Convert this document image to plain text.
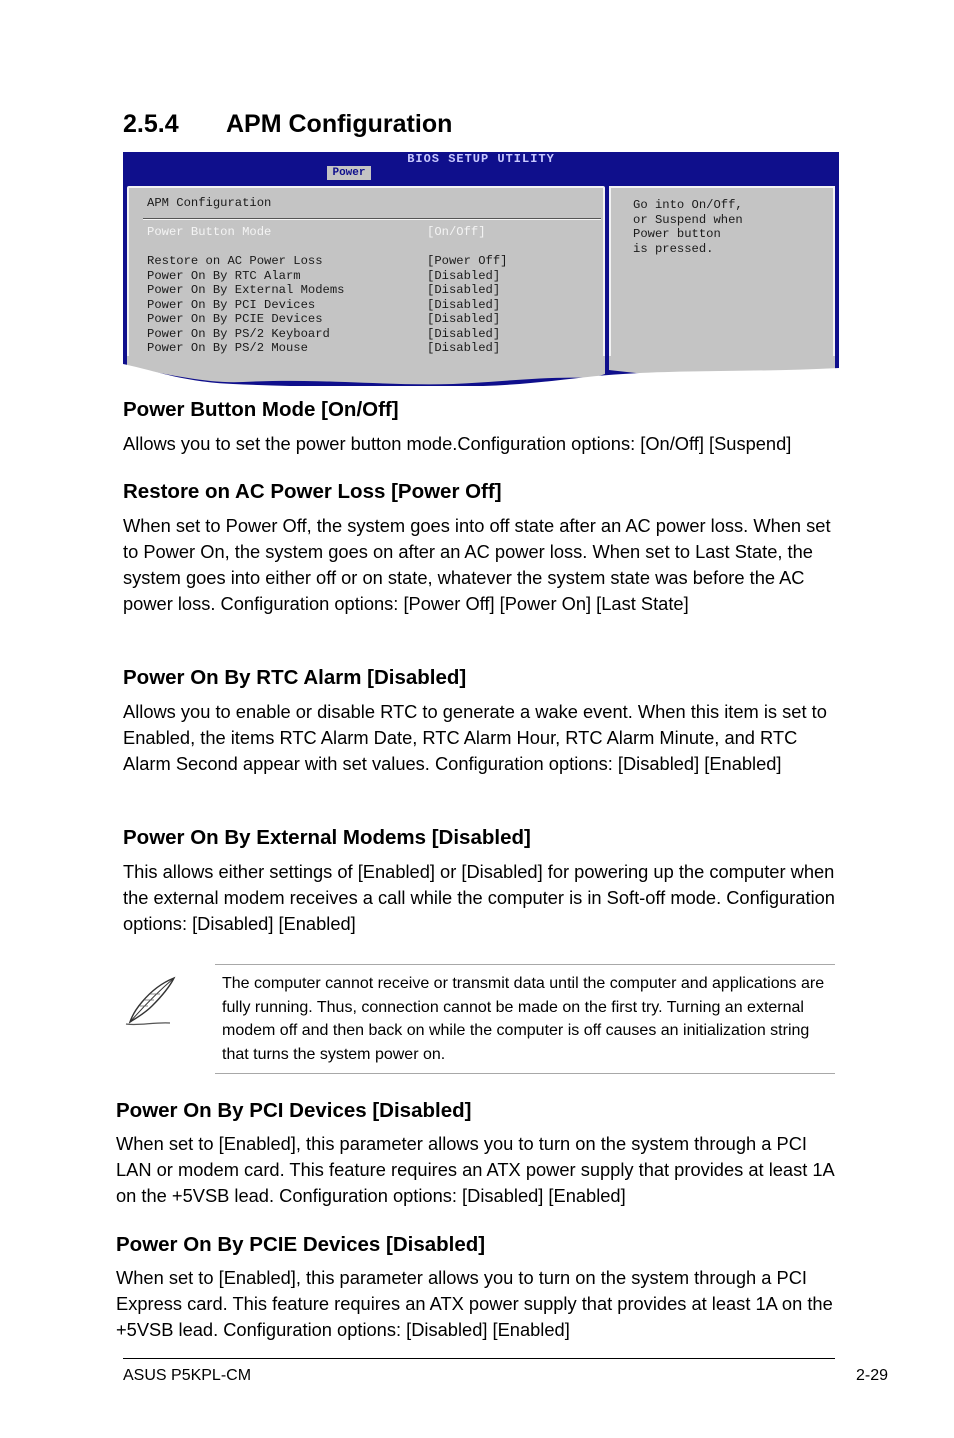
2.5.4 APM Configuration
BIOS SETUP UTILITY
Power
APM Configuration
Power Button Mode	[On/Off]
Restore on AC Power Loss	[Power Off]
Power On By RTC Alarm	[Disabled]
Power On By External Modems	[Disabled]
Power On By PCI Devices	[Disabled]
Power On By PCIE Devices	[Disabled]
Power On By PS/2 Keyboard	[Disabled]
Power On By PS/2 Mouse	[Disabled]
Go into On/Off,
or Suspend when
Power button
is pressed.
Power Button Mode [On/Off]

Allows you to set the power button mode.Configuration options: [On/Off] [Suspend]

Restore on AC Power Loss [Power Off]

When set to Power Off, the system goes into off state after an AC power loss. When set to Power On, the system goes on after an AC power loss. When set to Last State, the system goes into either off or on state, whatever the system state was before the AC power loss. Configuration options: [Power Off] [Power On] [Last State]

Power On By RTC Alarm [Disabled]

Allows you to enable or disable RTC to generate a wake event. When this item is set to Enabled, the items RTC Alarm Date, RTC Alarm Hour, RTC Alarm Minute, and RTC Alarm Second appear with set values. Configuration options: [Disabled] [Enabled]

Power On By External Modems [Disabled]

This allows either settings of [Enabled] or [Disabled] for powering up the computer when the external modem receives a call while the computer is in Soft-off mode. Configuration options: [Disabled] [Enabled]

The computer cannot receive or transmit data until the computer and applications are fully running. Thus, connection cannot be made on the first try. Turning an external modem off and then back on while the computer is off causes an initialization string that turns the system power on.
Power On By PCI Devices [Disabled]

When set to [Enabled], this parameter allows you to turn on the system through a PCI LAN or modem card. This feature requires an ATX power supply that provides at least 1A on the +5VSB lead. Configuration options: [Disabled] [Enabled]

Power On By PCIE Devices [Disabled]

When set to [Enabled], this parameter allows you to turn on the system through a PCI Express card. This feature requires an ATX power supply that provides at least 1A on the +5VSB lead. Configuration options: [Disabled] [Enabled]

ASUS P5KPL-CM	2-29
